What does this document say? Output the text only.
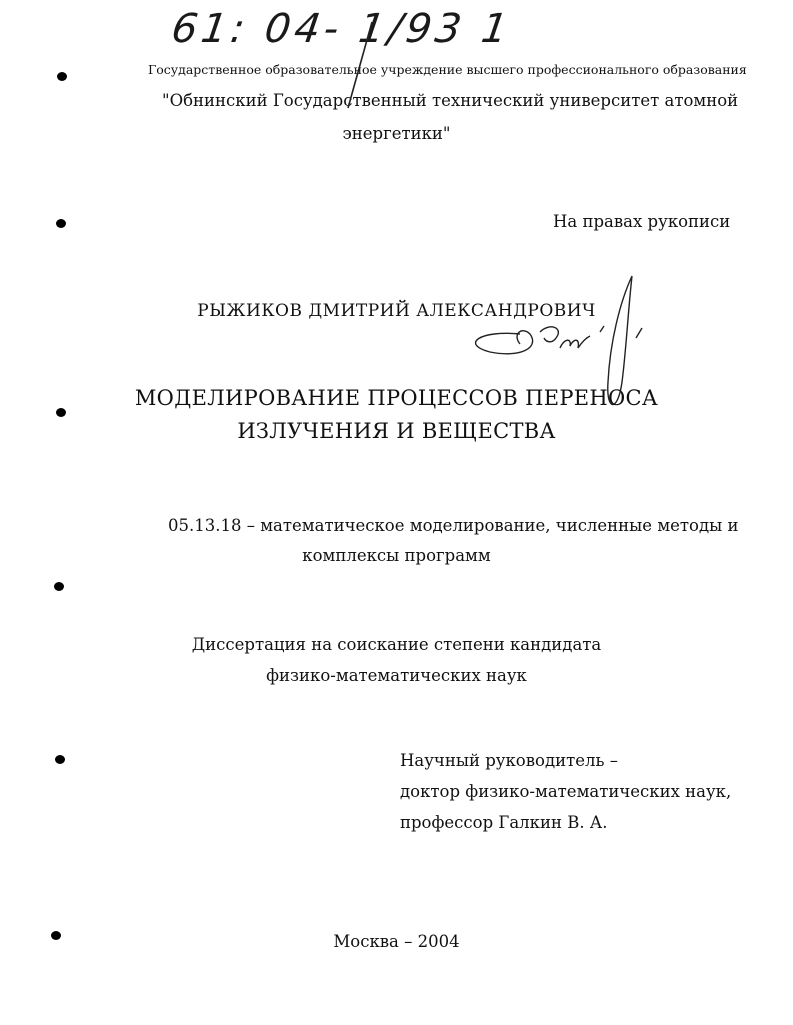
61: 04- 1/93 1
Государственное образовательное учреждение высшего профессионального образования
"Обнинский Государственный технический университет атомной
энергетики"
На правах рукописи
РЫЖИКОВ ДМИТРИЙ АЛЕКСАНДРОВИЧ
МОДЕЛИРОВАНИЕ ПРОЦЕССОВ ПЕРЕНОСА
ИЗЛУЧЕНИЯ И ВЕЩЕСТВА
05.13.18 – математическое моделирование, численные методы и
комплексы программ
Диссертация на соискание степени кандидата
физико-математических наук
Научный руководитель –
доктор физико-математических наук,
профессор Галкин В. А.
Москва – 2004
